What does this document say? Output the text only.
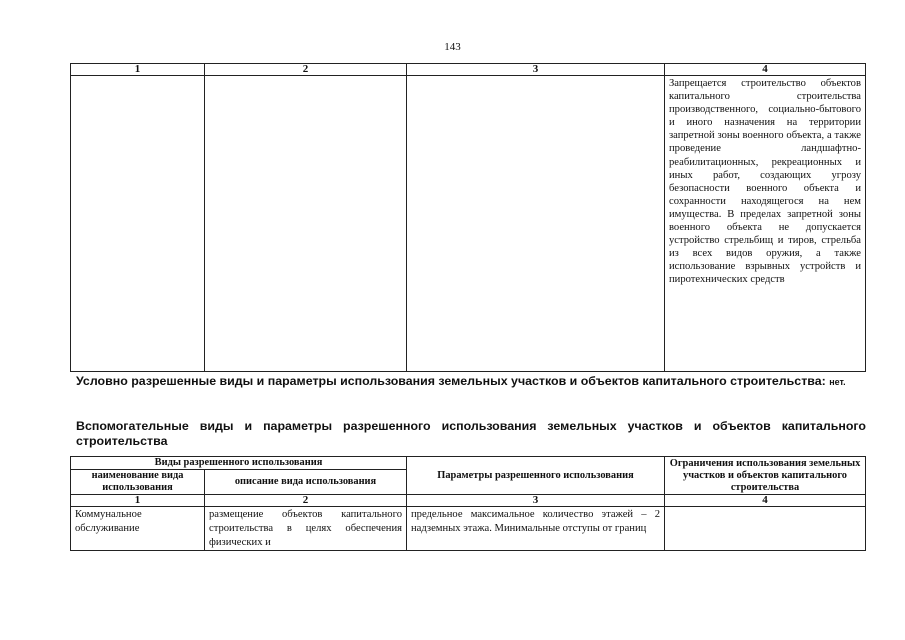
143
1	2	3	4
			Запрещается строительство объектов капитального строительства производственного, социально-бытового и иного назначения на территории запретной зоны военного объекта, а также проведение ландшафтно-реабилитационных, рекреационных и иных работ, создающих угрозу безопасности военного объекта и сохранности находящегося на нем имущества. В пределах запретной зоны военного объекта не допускается устройство стрельбищ и тиров, стрельба из всех видов оружия, а также использование взрывных устройств и пиротехнических средств
Условно разрешенные виды и параметры использования земельных участков и объектов капитального строительства: нет.
Вспомогательные виды и параметры разрешенного использования земельных участков и объектов капитального строительства
Виды разрешенного использования		Параметры разрешенного использования	Ограничения использования земельных участков и объектов капитального строительства
наименование вида использования	описание вида использования		
1	2	3	4
Коммунальное обслуживание	размещение объектов капитального строительства в целях обеспечения физических и	предельное максимальное количество этажей – 2 надземных этажа. Минимальные отступы от границ	
